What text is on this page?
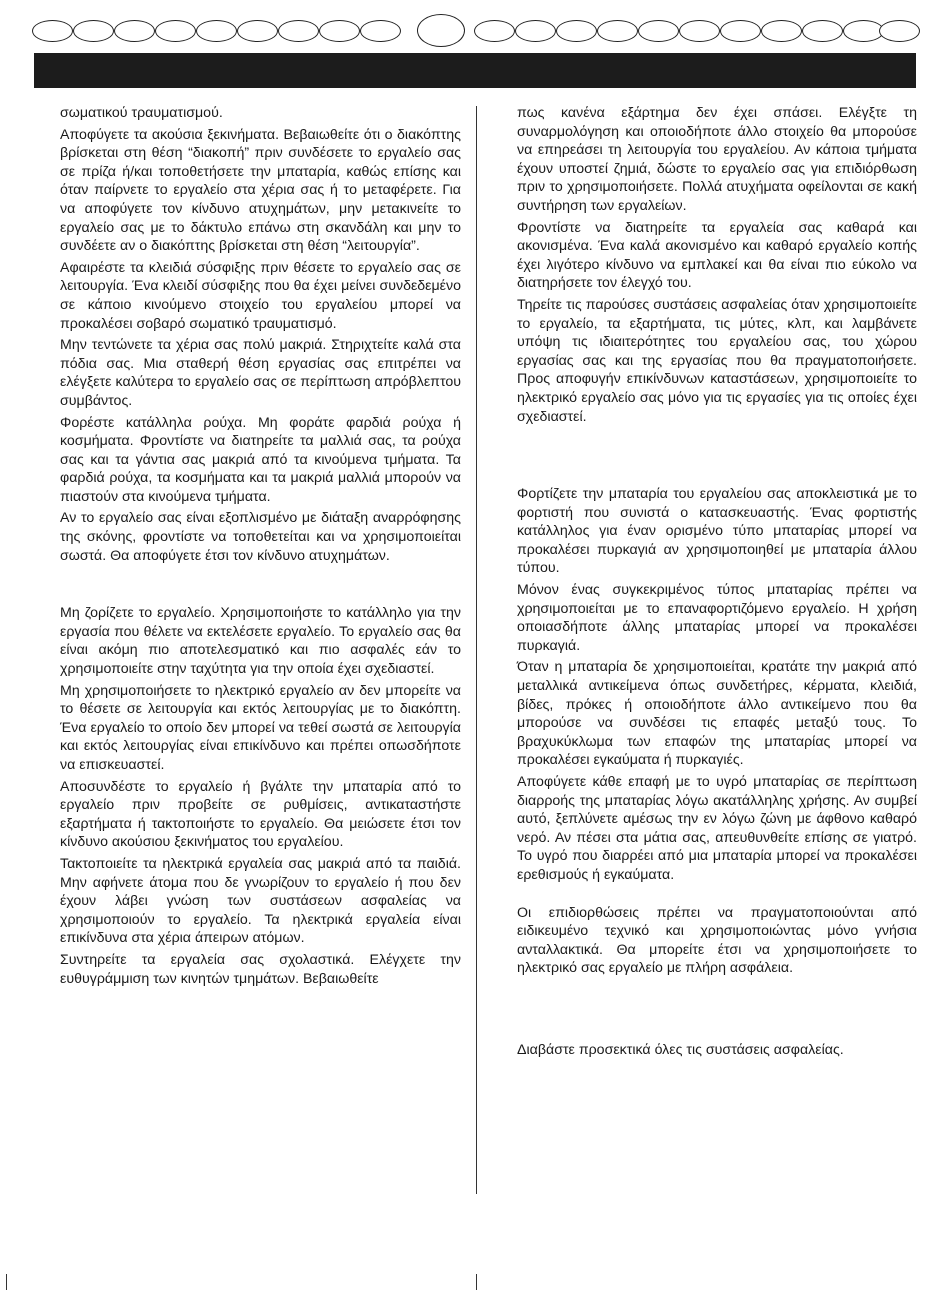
σωματικού τραυματισμού.

Αποφύγετε τα ακούσια ξεκινήματα. Βεβαιωθείτε ότι ο διακόπτης βρίσκεται στη θέση “διακοπή” πριν συνδέσετε το εργαλείο σας σε πρίζα ή/και τοποθετήσετε την μπαταρία, καθώς επίσης και όταν παίρνετε το εργαλείο στα χέρια σας ή το μεταφέρετε. Για να αποφύγετε τον κίνδυνο ατυχημάτων, μην μετακινείτε το εργαλείο σας με το δάκτυλο επάνω στη σκανδάλη και μην το συνδέετε αν ο διακόπτης βρίσκεται στη θέση “λειτουργία”.

Αφαιρέστε τα κλειδιά σύσφιξης πριν θέσετε το εργαλείο σας σε λειτουργία. Ένα κλειδί σύσφιξης που θα έχει μείνει συνδεδεμένο σε κάποιο κινούμενο στοιχείο του εργαλείου μπορεί να προκαλέσει σοβαρό σωματικό τραυματισμό.

Μην τεντώνετε τα χέρια σας πολύ μακριά. Στηριχτείτε καλά στα πόδια σας. Μια σταθερή θέση εργασίας σας επιτρέπει να ελέγξετε καλύτερα το εργαλείο σας σε περίπτωση απρόβλεπτου συμβάντος.

Φορέστε κατάλληλα ρούχα. Μη φοράτε φαρδιά ρούχα ή κοσμήματα. Φροντίστε να διατηρείτε τα μαλλιά σας, τα ρούχα σας και τα γάντια σας μακριά από τα κινούμενα τμήματα. Τα φαρδιά ρούχα, τα κοσμήματα και τα μακριά μαλλιά μπορούν να πιαστούν στα κινούμενα τμήματα.

Αν το εργαλείο σας είναι εξοπλισμένο με διάταξη αναρρόφησης της σκόνης, φροντίστε να τοποθετείται και να χρησιμοποιείται σωστά. Θα αποφύγετε έτσι τον κίνδυνο ατυχημάτων.

Μη ζορίζετε το εργαλείο. Χρησιμοποιήστε το κατάλληλο για την εργασία που θέλετε να εκτελέσετε εργαλείο. Το εργαλείο σας θα είναι ακόμη πιο αποτελεσματικό και πιο ασφαλές εάν το χρησιμοποιείτε στην ταχύτητα για την οποία έχει σχεδιαστεί.

Μη χρησιμοποιήσετε το ηλεκτρικό εργαλείο αν δεν μπορείτε να το θέσετε σε λειτουργία και εκτός λειτουργίας με το διακόπτη. Ένα εργαλείο το οποίο δεν μπορεί να τεθεί σωστά σε λειτουργία και εκτός λειτουργίας είναι επικίνδυνο και πρέπει οπωσδήποτε να επισκευαστεί.

Αποσυνδέστε το εργαλείο ή βγάλτε την μπαταρία από το εργαλείο πριν προβείτε σε ρυθμίσεις, αντικαταστήστε εξαρτήματα ή τακτοποιήστε το εργαλείο. Θα μειώσετε έτσι τον κίνδυνο ακούσιου ξεκινήματος του εργαλείου.

Τακτοποιείτε τα ηλεκτρικά εργαλεία σας μακριά από τα παιδιά. Μην αφήνετε άτομα που δε γνωρίζουν το εργαλείο ή που δεν έχουν λάβει γνώση των συστάσεων ασφαλείας να χρησιμοποιούν το εργαλείο. Τα ηλεκτρικά εργαλεία είναι επικίνδυνα στα χέρια άπειρων ατόμων.

Συντηρείτε τα εργαλεία σας σχολαστικά. Ελέγχετε την ευθυγράμμιση των κινητών τμημάτων. Βεβαιωθείτε

πως κανένα εξάρτημα δεν έχει σπάσει. Ελέγξτε τη συναρμολόγηση και οποιοδήποτε άλλο στοιχείο θα μπορούσε να επηρεάσει τη λειτουργία του εργαλείου. Αν κάποια τμήματα έχουν υποστεί ζημιά, δώστε το εργαλείο σας για επιδιόρθωση πριν το χρησιμοποιήσετε. Πολλά ατυχήματα οφείλονται σε κακή συντήρηση των εργαλείων.

Φροντίστε να διατηρείτε τα εργαλεία σας καθαρά και ακονισμένα. Ένα καλά ακονισμένο και καθαρό εργαλείο κοπής έχει λιγότερο κίνδυνο να εμπλακεί και θα είναι πιο εύκολο να διατηρήσετε τον έλεγχό του.

Τηρείτε τις παρούσες συστάσεις ασφαλείας όταν χρησιμοποιείτε το εργαλείο, τα εξαρτήματα, τις μύτες, κλπ, και λαμβάνετε υπόψη τις ιδιαιτερότητες του εργαλείου σας, του χώρου εργασίας σας και της εργασίας που θα πραγματοποιήσετε. Προς αποφυγήν επικίνδυνων καταστάσεων, χρησιμοποιείτε το ηλεκτρικό εργαλείο σας μόνο για τις εργασίες για τις οποίες έχει σχεδιαστεί.

Φορτίζετε την μπαταρία του εργαλείου σας αποκλειστικά με το φορτιστή που συνιστά ο κατασκευαστής. Ένας φορτιστής κατάλληλος για έναν ορισμένο τύπο μπαταρίας μπορεί να προκαλέσει πυρκαγιά αν χρησιμοποιηθεί με μπαταρία άλλου τύπου.

Μόνον ένας συγκεκριμένος τύπος μπαταρίας πρέπει να χρησιμοποιείται με το επαναφορτιζόμενο εργαλείο. Η χρήση οποιασδήποτε άλλης μπαταρίας μπορεί να προκαλέσει πυρκαγιά.

Όταν η μπαταρία δε χρησιμοποιείται, κρατάτε την μακριά από μεταλλικά αντικείμενα όπως συνδετήρες, κέρματα, κλειδιά, βίδες, πρόκες ή οποιοδήποτε άλλο αντικείμενο που θα μπορούσε να συνδέσει τις επαφές μεταξύ τους. Το βραχυκύκλωμα των επαφών της μπαταρίας μπορεί να προκαλέσει εγκαύματα ή πυρκαγιές.

Αποφύγετε κάθε επαφή με το υγρό μπαταρίας σε περίπτωση διαρροής της μπαταρίας λόγω ακατάλληλης χρήσης. Αν συμβεί αυτό, ξεπλύνετε αμέσως την εν λόγω ζώνη με άφθονο καθαρό νερό. Αν πέσει στα μάτια σας, απευθυνθείτε επίσης σε γιατρό. Το υγρό που διαρρέει από μια μπαταρία μπορεί να προκαλέσει ερεθισμούς ή εγκαύματα.

Οι επιδιορθώσεις πρέπει να πραγματοποιούνται από ειδικευμένο τεχνικό και χρησιμοποιώντας μόνο γνήσια ανταλλακτικά. Θα μπορείτε έτσι να χρησιμοποιήσετε το ηλεκτρικό σας εργαλείο με πλήρη ασφάλεια.

Διαβάστε προσεκτικά όλες τις συστάσεις ασφαλείας.
